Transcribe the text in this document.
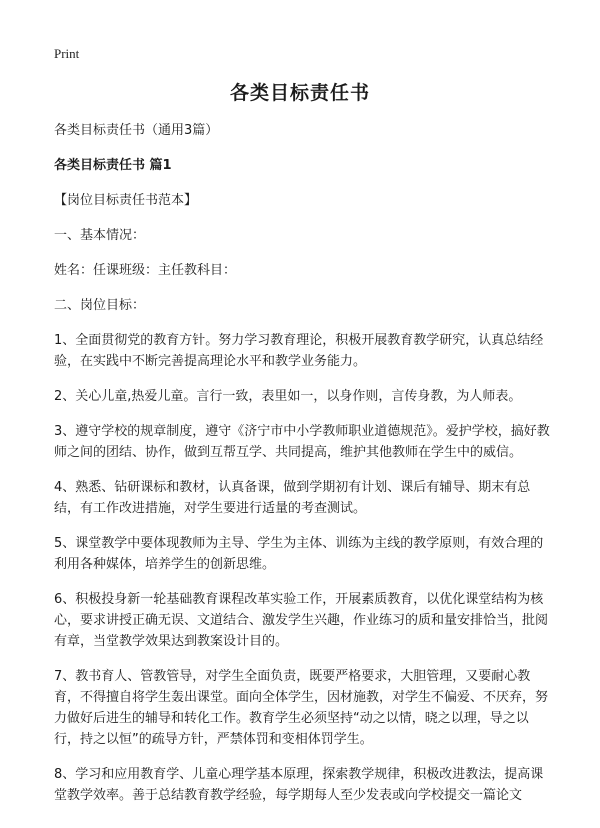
Print
各类目标责任书

各类目标责任书（通用3篇）

各类目标责任书 篇1

【岗位目标责任书范本】

一、基本情况：

姓名：任课班级：主任教科目：

二、岗位目标：

1、全面贯彻党的教育方针。努力学习教育理论，积极开展教育教学研究，认真总结经验，在实践中不断完善提高理论水平和教学业务能力。

2、关心儿童,热爱儿童。言行一致，表里如一，以身作则，言传身教，为人师表。

3、遵守学校的规章制度，遵守《济宁市中小学教师职业道德规范》。爱护学校，搞好教师之间的团结、协作，做到互帮互学、共同提高，维护其他教师在学生中的威信。

4、熟悉、钻研课标和教材，认真备课，做到学期初有计划、课后有辅导、期末有总结，有工作改进措施，对学生要进行适量的考查测试。

5、课堂教学中要体现教师为主导、学生为主体、训练为主线的教学原则，有效合理的利用各种媒体，培养学生的创新思维。

6、积极投身新一轮基础教育课程改革实验工作，开展素质教育，以优化课堂结构为核心，要求讲授正确无误、文道结合、激发学生兴趣，作业练习的质和量安排恰当，批阅有章，当堂教学效果达到教案设计目的。

7、教书育人、管教管导，对学生全面负责，既要严格要求，大胆管理，又要耐心教育，不得擅自将学生轰出课堂。面向全体学生，因材施教，对学生不偏爱、不厌弃，努力做好后进生的辅导和转化工作。教育学生必须坚持“动之以情，晓之以理，导之以行，持之以恒”的疏导方针，严禁体罚和变相体罚学生。

8、学习和应用教育学、儿童心理学基本原理，探索教学规律，积极改进教法，提高课堂教学效率。善于总结教育教学经验，每学期每人至少发表或向学校提交一篇论文
